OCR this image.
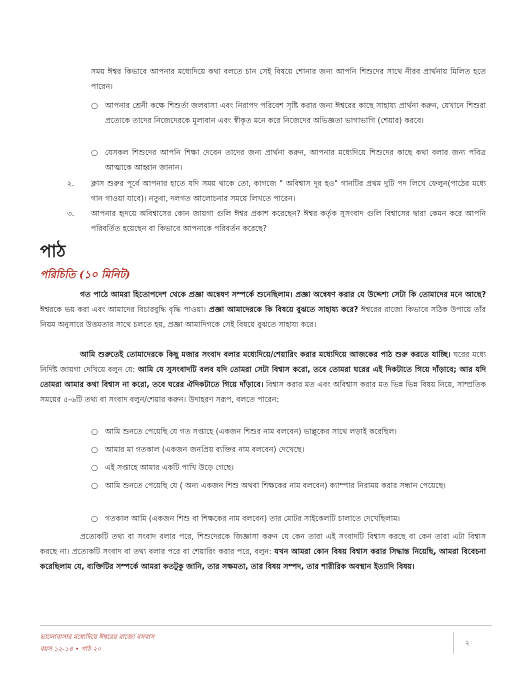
সময় ঈশ্বর কিভাবে আপনার মধ্যেদিয়ে কথা বলতে চান সেই বিষয়ে শোনার জন্য আপনি শিশুদের সাথে নীরব প্রার্থনায় মিলিত হতে পারেন।
○ আপনার শ্রেনী কক্ষে শিশুর্তা জলবাসা এবং নিরাপদ পরিবেশ সৃষ্টি করার জন্য ঈশ্বরের কাছে সাহায্য প্রার্থনা করুন, যেখানে শিশুরা প্রত্যেকে তাদের নিজেদেরকে মূল্যবান এবং স্বীকৃত মনে করে নিজেদের অভিজ্ঞতা ভাগাভাগি (শেয়ার) করবে।
○ যেসকল শিশুদের আপনি শিক্ষা দেবেন তাদের জন্য প্রার্থনা করুন, আপনার মধ্যেদিয়ে শিশুদের কাছে কথা বলার জন্য পবিত্র আত্মাকে আহ্বান জানান।
২. ক্লাস শুরুর পূর্বে আপনার হাতে যদি সময় থাকে তো, কাগজে " অবিশ্বাস দূর হও" গানটির প্রথম দুটি পদ লিখে ফেলুন(পাঠের মধ্যে গান গাওয়া যাবে)। নতুবা, দলগত আলোচনার সময়ে লিখতে পারেন।
৩. আপনার হৃদয়ে অবিশ্বাসের কোন জায়গা গুলি ঈশ্বর প্রকাশ করেছেন? ঈশ্বর কর্তৃক সুসংবাদ গুলি বিশ্বাসের দ্বারা কেমন করে আপনি পরিবর্তিত হয়েছেন বা কিভাবে আপনাকে পরিবর্তন করেছে?
পাঠ
পরিচিতি (১০ মিনিট)
গত পাঠে আমরা হিতোপদেশ থেকে প্রজ্ঞা অন্বেষণ সম্পর্কে শুনেছিলাম। প্রজ্ঞা অন্বেষণ করার যে উদ্দেশ্য সেটা কি তোমাদের মনে আছে? ঈশ্বরকে ভয় করা এবং আমাদের বিচারবুদ্ধি বৃদ্ধি পাওয়া। প্রজ্ঞা আমাদেরকে কি বিষয়ে বুঝতে সাহায্য করে? ঈশ্বরের রাজ্যে কিভাবে সঠিক উপায়ে তাঁর নিয়ম অনুসারে উত্তমতার সাথে চলতে হয়, প্রজ্ঞা আমাদিগকে সেই বিষয়ে বুঝতে সাহায্য করে।
আমি শুরুতেই তোমাদেরকে কিছু মজার সংবাদ বলার মধ্যেদিয়ে/শেয়ারিং করার মধ্যেদিয়ে আজকের পাঠ শুরু করতে যাচ্ছি। ঘরের মধ্যে নির্দিষ্ট জায়গা দেখিয়ে বলুন যে: আমি যে সুসংবাদটি বলব যদি তোমরা সেটা বিশ্বাস করো, তবে তোমরা ঘরের এই দিকটাতে গিয়ে দাঁড়াবে; আর যদি তোমরা আমার কথা বিশ্বাস না করো, তবে ঘরের ঐদিকটাতে গিয়ে দাঁড়াবে। বিশ্বাস করার মত এবং অবিশ্বাস করার মত ভিন্ন ভিন্ন বিষয় নিয়ে, সাম্প্রতিক সময়ের ৫-৬টি তথ্য বা সংবাদ বলুন/শেয়ার করুন। উদাহরণ সরূপ, বলতে পারেন:
○ আমি শুনতে পেয়েছি যে গত সপ্তাহে (একজন শিশুর নাম বলবেন) ভাল্লুকের সাথে লড়াই করেছিল।
○ আমার মা গতকাল (একজন জনপ্রিয় ব্যক্তির নাম বলবেন) দেখেছে।
○ এই সপ্তাহে আমার একটি পাখি উড়ে গেছে।
○ আমি শুনতে পেয়েছি যে ( অন্য একজন শিশু অথবা শিক্ষকের নাম বলবেন) ক্যাম্পার নিরাময় করার সন্ধান পেয়েছে।
○ গতকাল আমি (একজন শিশু বা শিক্ষকের নাম বলবেন) তার মোটর সাইকেলটি চালাতে দেখেছিলাম।
প্রত্যেকটি তথ্য বা সংবাদ বলার পরে, শিশুদেরকে জিজ্ঞাসা করুন যে কেন তারা এই সংবাদটি বিশ্বাস করছে বা কেন তারা এটা বিশ্বাস করছে না। প্রত্যেকটি সংবাদ বা তথ্য বলার পরে বা শেয়ারিং করার পরে, বলুন: যখন আমরা কোন বিষয় বিশ্বাস করার সিদ্ধান্ত নিয়েছি, আমরা বিবেচনা করেছিলাম যে, ব্যক্তিটির সম্পর্কে আমরা কতটুকু জানি, তার সক্ষমতা, তার বিষয় সম্পদ, তার শারীরিক অবস্থান ইত্যাদি বিষয়।
ভালোবাসার মধ্যেদিয়ে ঈশ্বরের রাজ্যে বসবাস
বয়স ১২-১৪ • পাঠ ২০
২
